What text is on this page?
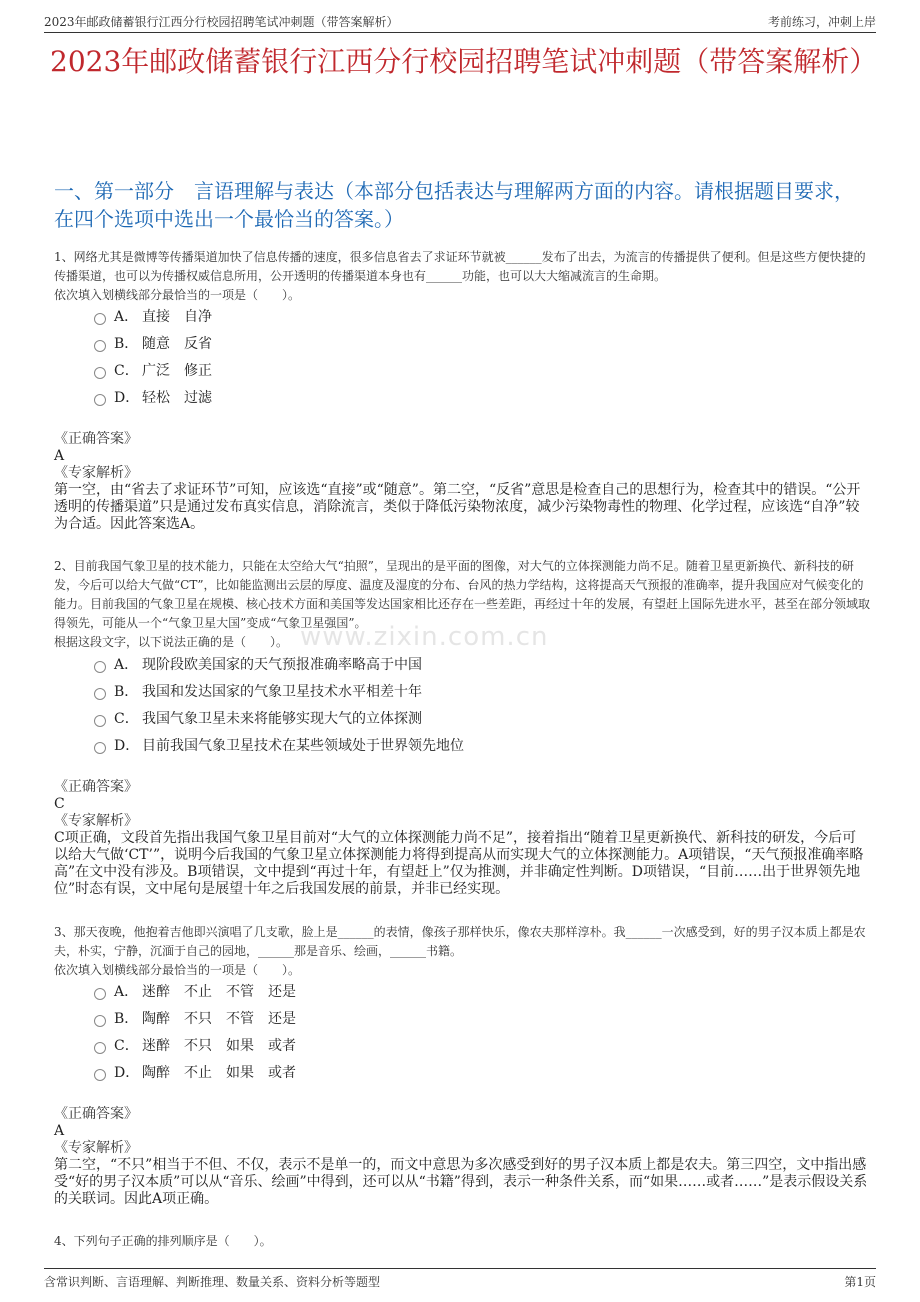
2023年邮政储蓄银行江西分行校园招聘笔试冲刺题（带答案解析）	考前练习，冲刺上岸
2023年邮政储蓄银行江西分行校园招聘笔试冲刺题（带答案解析）
一、第一部分　言语理解与表达（本部分包括表达与理解两方面的内容。请根据题目要求，在四个选项中选出一个最恰当的答案。）
www.zixin.com.cn

1、网络尤其是微博等传播渠道加快了信息传播的速度，很多信息省去了求证环节就被______发布了出去，为流言的传播提供了便利。但是这些方便快捷的传播渠道，也可以为传播权威信息所用，公开透明的传播渠道本身也有______功能，也可以大大缩减流言的生命期。

依次填入划横线部分最恰当的一项是（　　）。

A． 直接　自净
B． 随意　反省
C． 广泛　修正
D． 轻松　过滤
《正确答案》
A
《专家解析》

第一空，由“省去了求证环节”可知，应该选“直接”或“随意”。第二空，“反省”意思是检查自己的思想行为，检查其中的错误。“公开透明的传播渠道”只是通过发布真实信息，消除流言，类似于降低污染物浓度，减少污染物毒性的物理、化学过程，应该选“自净”较为合适。因此答案选A。

2、目前我国气象卫星的技术能力，只能在太空给大气“拍照”，呈现出的是平面的图像，对大气的立体探测能力尚不足。随着卫星更新换代、新科技的研发，今后可以给大气做“CT”，比如能监测出云层的厚度、温度及湿度的分布、台风的热力学结构，这将提高天气预报的准确率，提升我国应对气候变化的能力。目前我国的气象卫星在规模、核心技术方面和美国等发达国家相比还存在一些差距，再经过十年的发展，有望赶上国际先进水平，甚至在部分领域取得领先，可能从一个“气象卫星大国”变成“气象卫星强国”。

根据这段文字，以下说法正确的是（　　）。

A． 现阶段欧美国家的天气预报准确率略高于中国
B． 我国和发达国家的气象卫星技术水平相差十年
C． 我国气象卫星未来将能够实现大气的立体探测
D． 目前我国气象卫星技术在某些领域处于世界领先地位
《正确答案》
C
《专家解析》

C项正确，文段首先指出我国气象卫星目前对“大气的立体探测能力尚不足”，接着指出“随着卫星更新换代、新科技的研发，今后可以给大气做‘CT’”，说明今后我国的气象卫星立体探测能力将得到提高从而实现大气的立体探测能力。A项错误，“天气预报准确率略高”在文中没有涉及。B项错误，文中提到“再过十年，有望赶上”仅为推测，并非确定性判断。D项错误，“目前……出于世界领先地位”时态有误，文中尾句是展望十年之后我国发展的前景，并非已经实现。

3、那天夜晚，他抱着吉他即兴演唱了几支歌，脸上是______的表情，像孩子那样快乐，像农夫那样淳朴。我______一次感受到，好的男子汉本质上都是农夫，朴实，宁静，沉湎于自己的园地，______那是音乐、绘画，______书籍。

依次填入划横线部分最恰当的一项是（　　）。

A． 迷醉　不止　不管　还是
B． 陶醉　不只　不管　还是
C． 迷醉　不只　如果　或者
D． 陶醉　不止　如果　或者
《正确答案》
A
《专家解析》

第二空，“不只”相当于不但、不仅，表示不是单一的，而文中意思为多次感受到好的男子汉本质上都是农夫。第三四空，文中指出感受“好的男子汉本质”可以从“音乐、绘画”中得到，还可以从“书籍”得到，表示一种条件关系，而“如果……或者……”是表示假设关系的关联词。因此A项正确。

4、下列句子正确的排列顺序是（　　）。

含常识判断、言语理解、判断推理、数量关系、资料分析等题型	第1页
